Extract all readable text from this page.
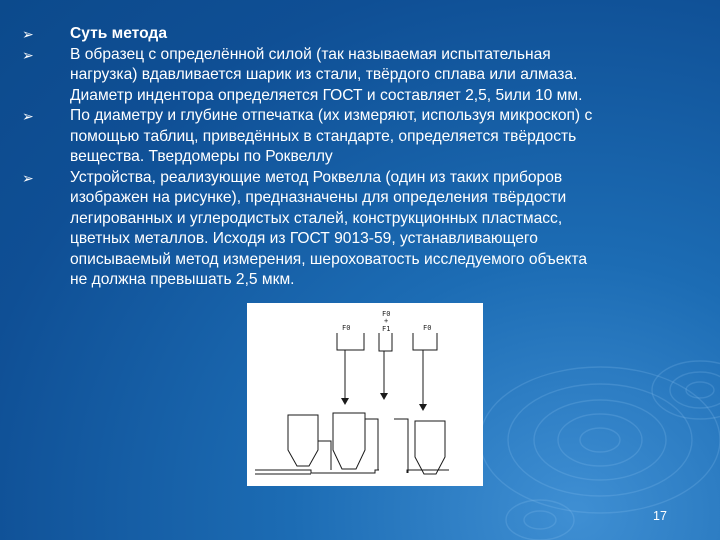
➢ Суть метода
➢ В образец с определённой силой (так называемая испытательная
нагрузка) вдавливается шарик из стали, твёрдого сплава или алмаза.
Диаметр индентора определяется ГОСТ и составляет 2,5, 5или 10 мм.
➢ По диаметру и глубине отпечатка (их измеряют, используя микроскоп) с
помощью таблиц, приведённых в стандарте, определяется твёрдость
вещества. Твердомеры по Роквеллу
➢ Устройства, реализующие метод Роквелла (один из таких приборов
изображен на рисунке), предназначены для определения твёрдости
легированных и углеродистых сталей, конструкционных пластмасс,
цветных металлов. Исходя из ГОСТ 9013-59, устанавливающего
описываемый метод измерения, шероховатость исследуемого объекта
не должна превышать 2,5 мкм.
F0
F0
+
F1	F0
17
